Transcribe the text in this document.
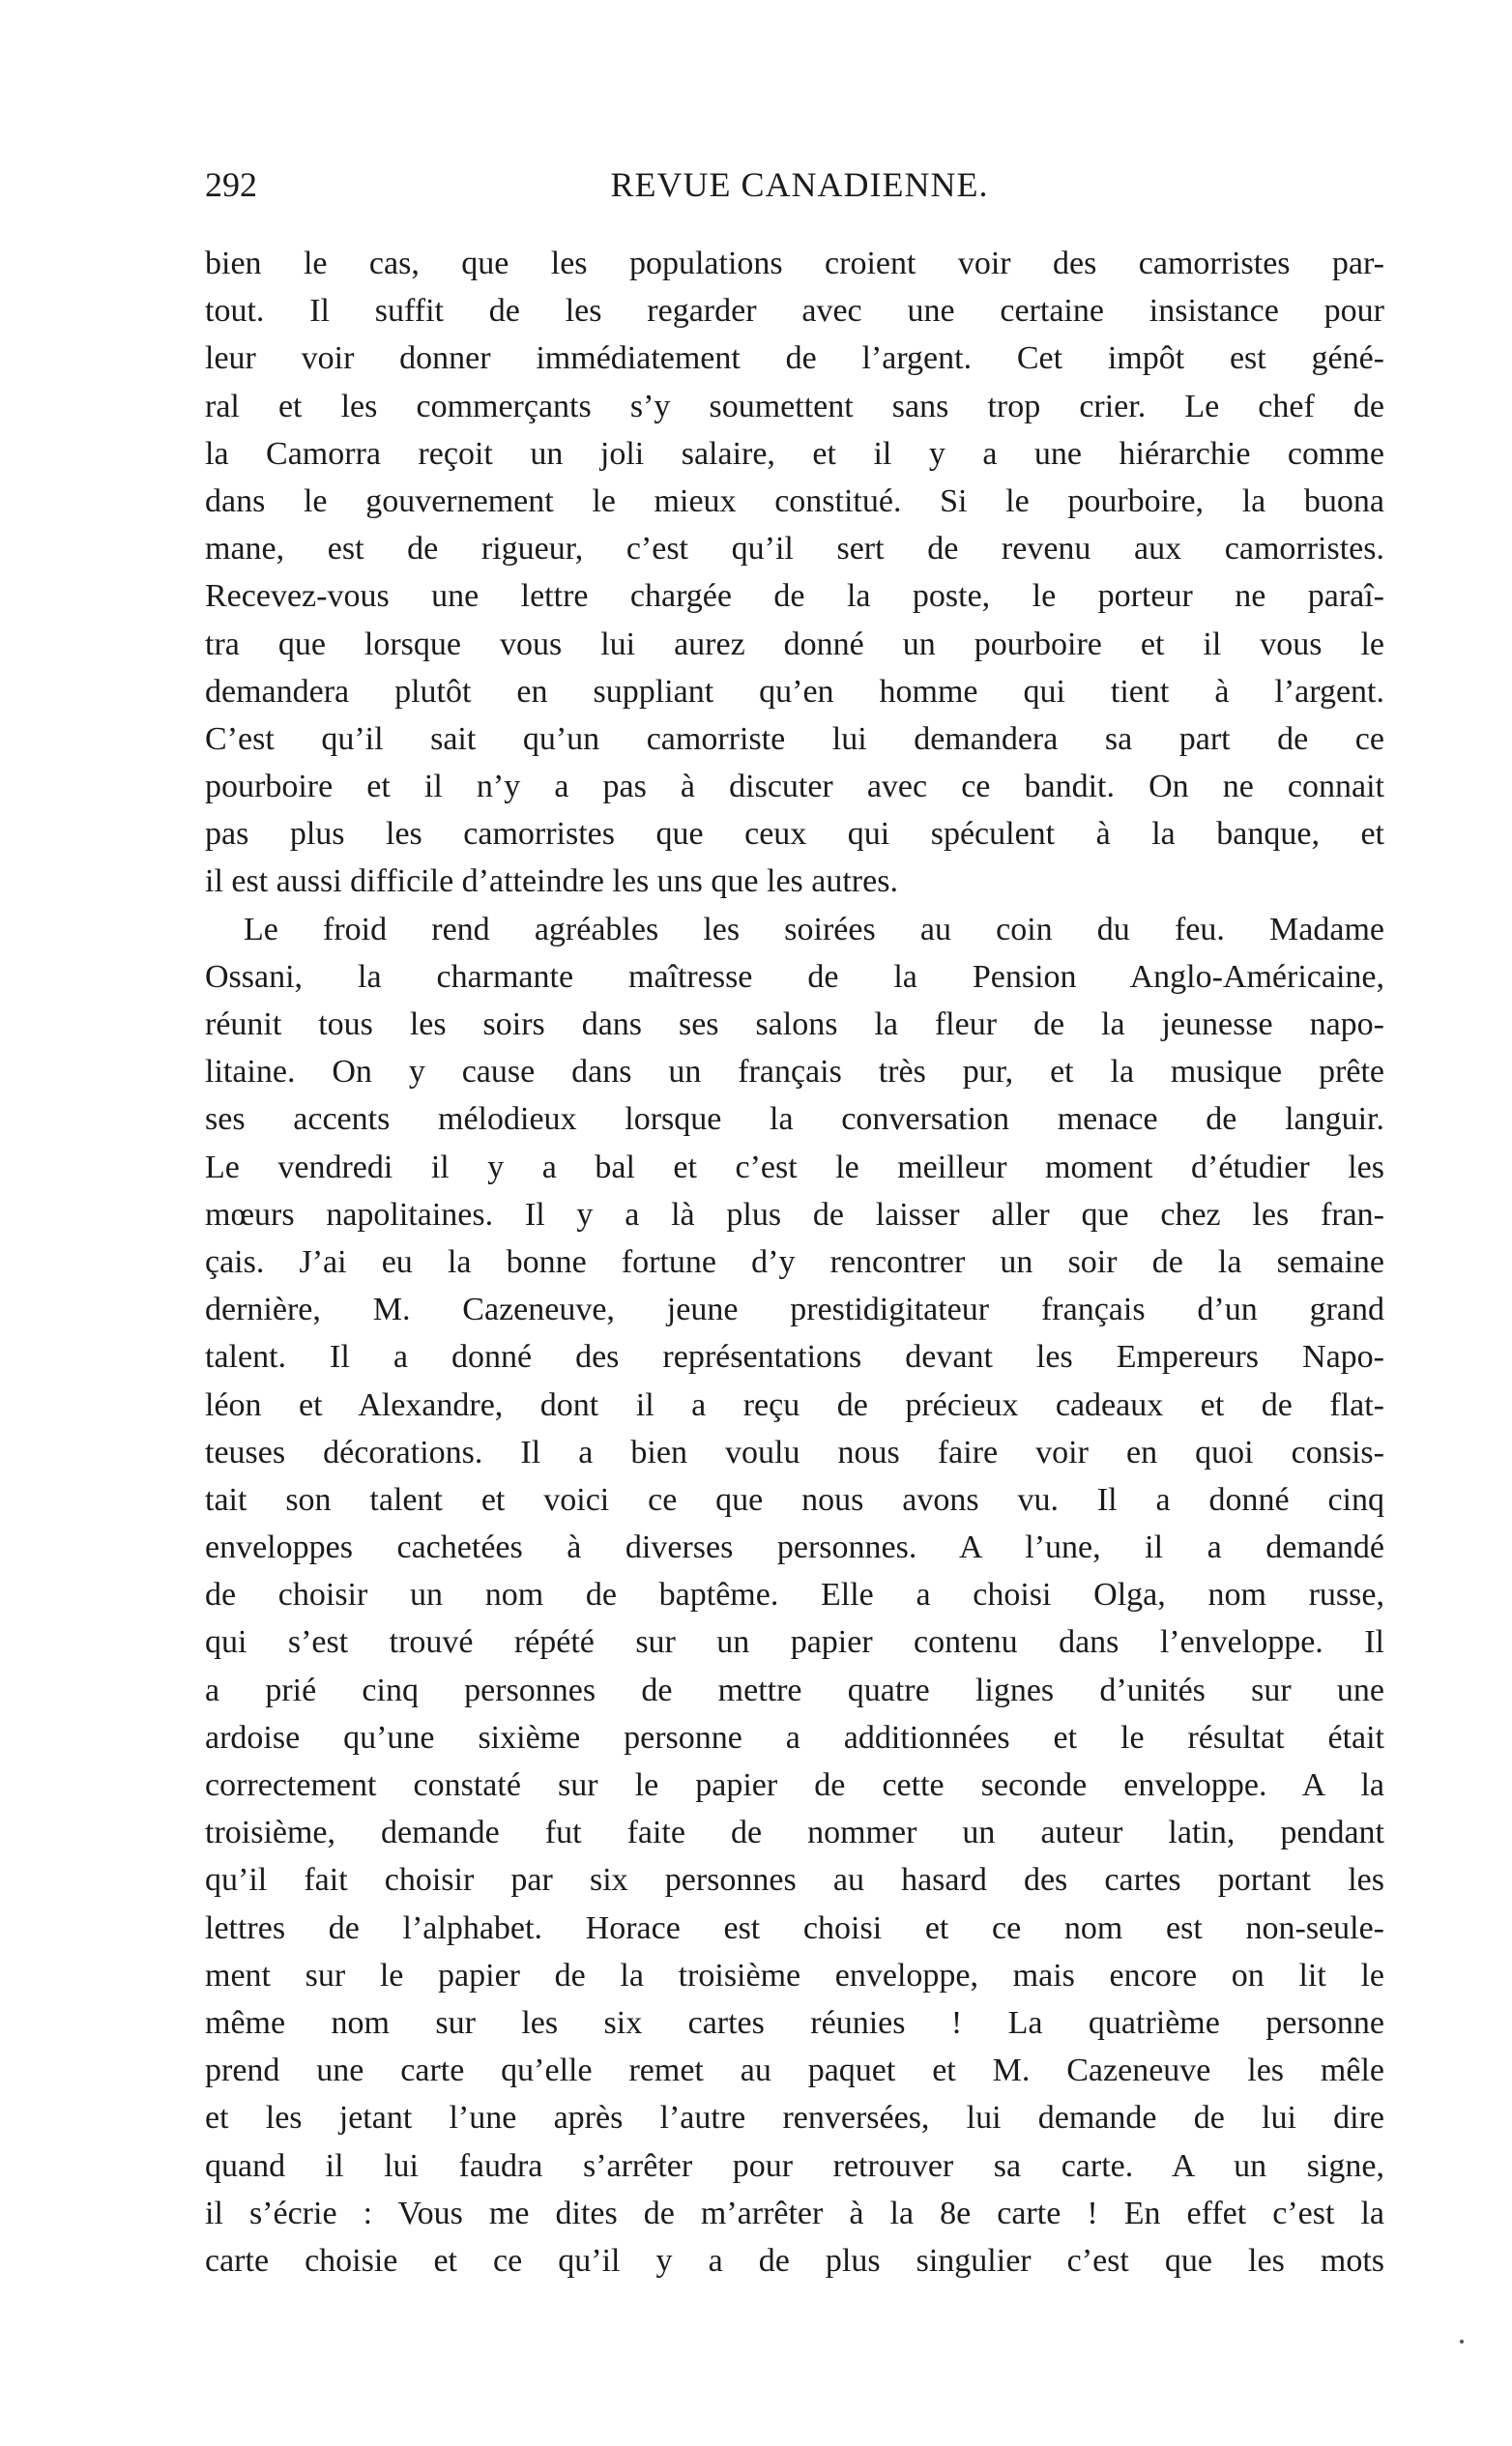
292	REVUE CANADIENNE.
bien le cas, que les populations croient voir des camorristes par-
tout. Il suffit de les regarder avec une certaine insistance pour
leur voir donner immédiatement de l’argent. Cet impôt est géné-
ral et les commerçants s’y soumettent sans trop crier. Le chef de
la Camorra reçoit un joli salaire, et il y a une hiérarchie comme
dans le gouvernement le mieux constitué. Si le pourboire, la buona
mane, est de rigueur, c’est qu’il sert de revenu aux camorristes.
Recevez-vous une lettre chargée de la poste, le porteur ne paraî-
tra que lorsque vous lui aurez donné un pourboire et il vous le
demandera plutôt en suppliant qu’en homme qui tient à l’argent.
C’est qu’il sait qu’un camorriste lui demandera sa part de ce
pourboire et il n’y a pas à discuter avec ce bandit. On ne connait
pas plus les camorristes que ceux qui spéculent à la banque, et
il est aussi difficile d’atteindre les uns que les autres.
Le froid rend agréables les soirées au coin du feu. Madame
Ossani, la charmante maîtresse de la Pension Anglo-Américaine,
réunit tous les soirs dans ses salons la fleur de la jeunesse napo-
litaine. On y cause dans un français très pur, et la musique prête
ses accents mélodieux lorsque la conversation menace de languir.
Le vendredi il y a bal et c’est le meilleur moment d’étudier les
mœurs napolitaines. Il y a là plus de laisser aller que chez les fran-
çais. J’ai eu la bonne fortune d’y rencontrer un soir de la semaine
dernière, M. Cazeneuve, jeune prestidigitateur français d’un grand
talent. Il a donné des représentations devant les Empereurs Napo-
léon et Alexandre, dont il a reçu de précieux cadeaux et de flat-
teuses décorations. Il a bien voulu nous faire voir en quoi consis-
tait son talent et voici ce que nous avons vu. Il a donné cinq
enveloppes cachetées à diverses personnes. A l’une, il a demandé
de choisir un nom de baptême. Elle a choisi Olga, nom russe,
qui s’est trouvé répété sur un papier contenu dans l’enveloppe. Il
a prié cinq personnes de mettre quatre lignes d’unités sur une
ardoise qu’une sixième personne a additionnées et le résultat était
correctement constaté sur le papier de cette seconde enveloppe. A la
troisième, demande fut faite de nommer un auteur latin, pendant
qu’il fait choisir par six personnes au hasard des cartes portant les
lettres de l’alphabet. Horace est choisi et ce nom est non-seule-
ment sur le papier de la troisième enveloppe, mais encore on lit le
même nom sur les six cartes réunies ! La quatrième personne
prend une carte qu’elle remet au paquet et M. Cazeneuve les mêle
et les jetant l’une après l’autre renversées, lui demande de lui dire
quand il lui faudra s’arrêter pour retrouver sa carte. A un signe,
il s’écrie : Vous me dites de m’arrêter à la 8e carte ! En effet c’est la
carte choisie et ce qu’il y a de plus singulier c’est que les mots
